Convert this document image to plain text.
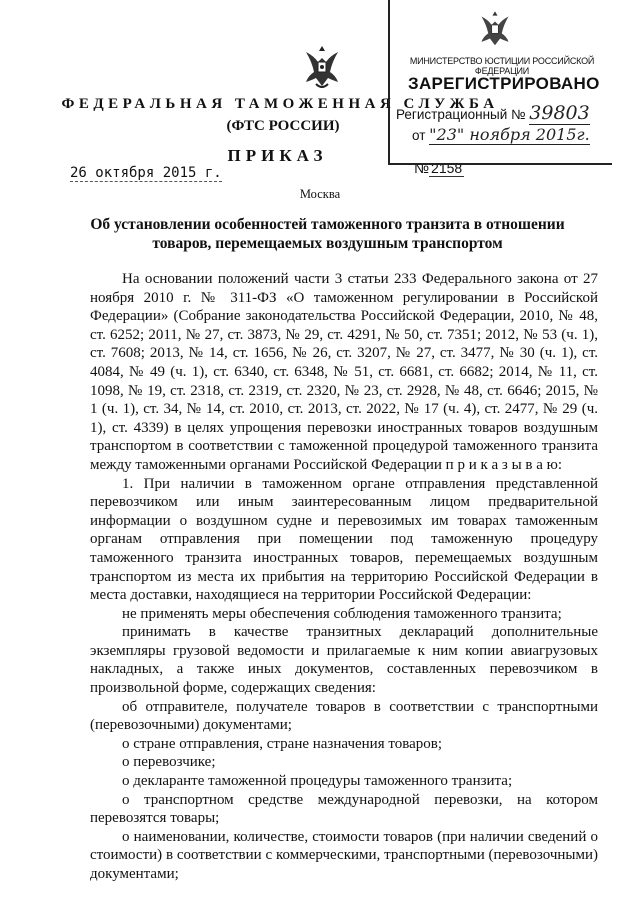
ФЕДЕРАЛЬНАЯ ТАМОЖЕННАЯ СЛУЖБА
(ФТС РОССИИ)
ПРИКАЗ
26 октября 2015 г.	№ 2158
Москва
МИНИСТЕРСТВО ЮСТИЦИИ РОССИЙСКОЙ ФЕДЕРАЦИИ
ЗАРЕГИСТРИРОВАНО
Регистрационный № 39803
от "23" ноября 2015г.
Об установлении особенностей таможенного транзита в отношении товаров, перемещаемых воздушным транспортом

На основании положений части 3 статьи 233 Федерального закона от 27 ноября 2010 г. № 311-ФЗ «О таможенном регулировании в Российской Федерации» (Собрание законодательства Российской Федерации, 2010, № 48, ст. 6252; 2011, № 27, ст. 3873, № 29, ст. 4291, № 50, ст. 7351; 2012, № 53 (ч. 1), ст. 7608; 2013, № 14, ст. 1656, № 26, ст. 3207, № 27, ст. 3477, № 30 (ч. 1), ст. 4084, № 49 (ч. 1), ст. 6340, ст. 6348, № 51, ст. 6681, ст. 6682; 2014, № 11, ст. 1098, № 19, ст. 2318, ст. 2319, ст. 2320, № 23, ст. 2928, № 48, ст. 6646; 2015, № 1 (ч. 1), ст. 34, № 14, ст. 2010, ст. 2013, ст. 2022, № 17 (ч. 4), ст. 2477, № 29 (ч. 1), ст. 4339) в целях упрощения перевозки иностранных товаров воздушным транспортом в соответствии с таможенной процедурой таможенного транзита между таможенными органами Российской Федерации п р и к а з ы в а ю:

1. При наличии в таможенном органе отправления представленной перевозчиком или иным заинтересованным лицом предварительной информации о воздушном судне и перевозимых им товарах таможенным органам отправления при помещении под таможенную процедуру таможенного транзита иностранных товаров, перемещаемых воздушным транспортом из места их прибытия на территорию Российской Федерации в места доставки, находящиеся на территории Российской Федерации:

не применять меры обеспечения соблюдения таможенного транзита;

принимать в качестве транзитных деклараций дополнительные экземпляры грузовой ведомости и прилагаемые к ним копии авиагрузовых накладных, а также иных документов, составленных перевозчиком в произвольной форме, содержащих сведения:

об отправителе, получателе товаров в соответствии с транспортными (перевозочными) документами;

о стране отправления, стране назначения товаров;

о перевозчике;

о декларанте таможенной процедуры таможенного транзита;

о транспортном средстве международной перевозки, на котором перевозятся товары;

о наименовании, количестве, стоимости товаров (при наличии сведений о стоимости) в соответствии с коммерческими, транспортными (перевозочными) документами;
